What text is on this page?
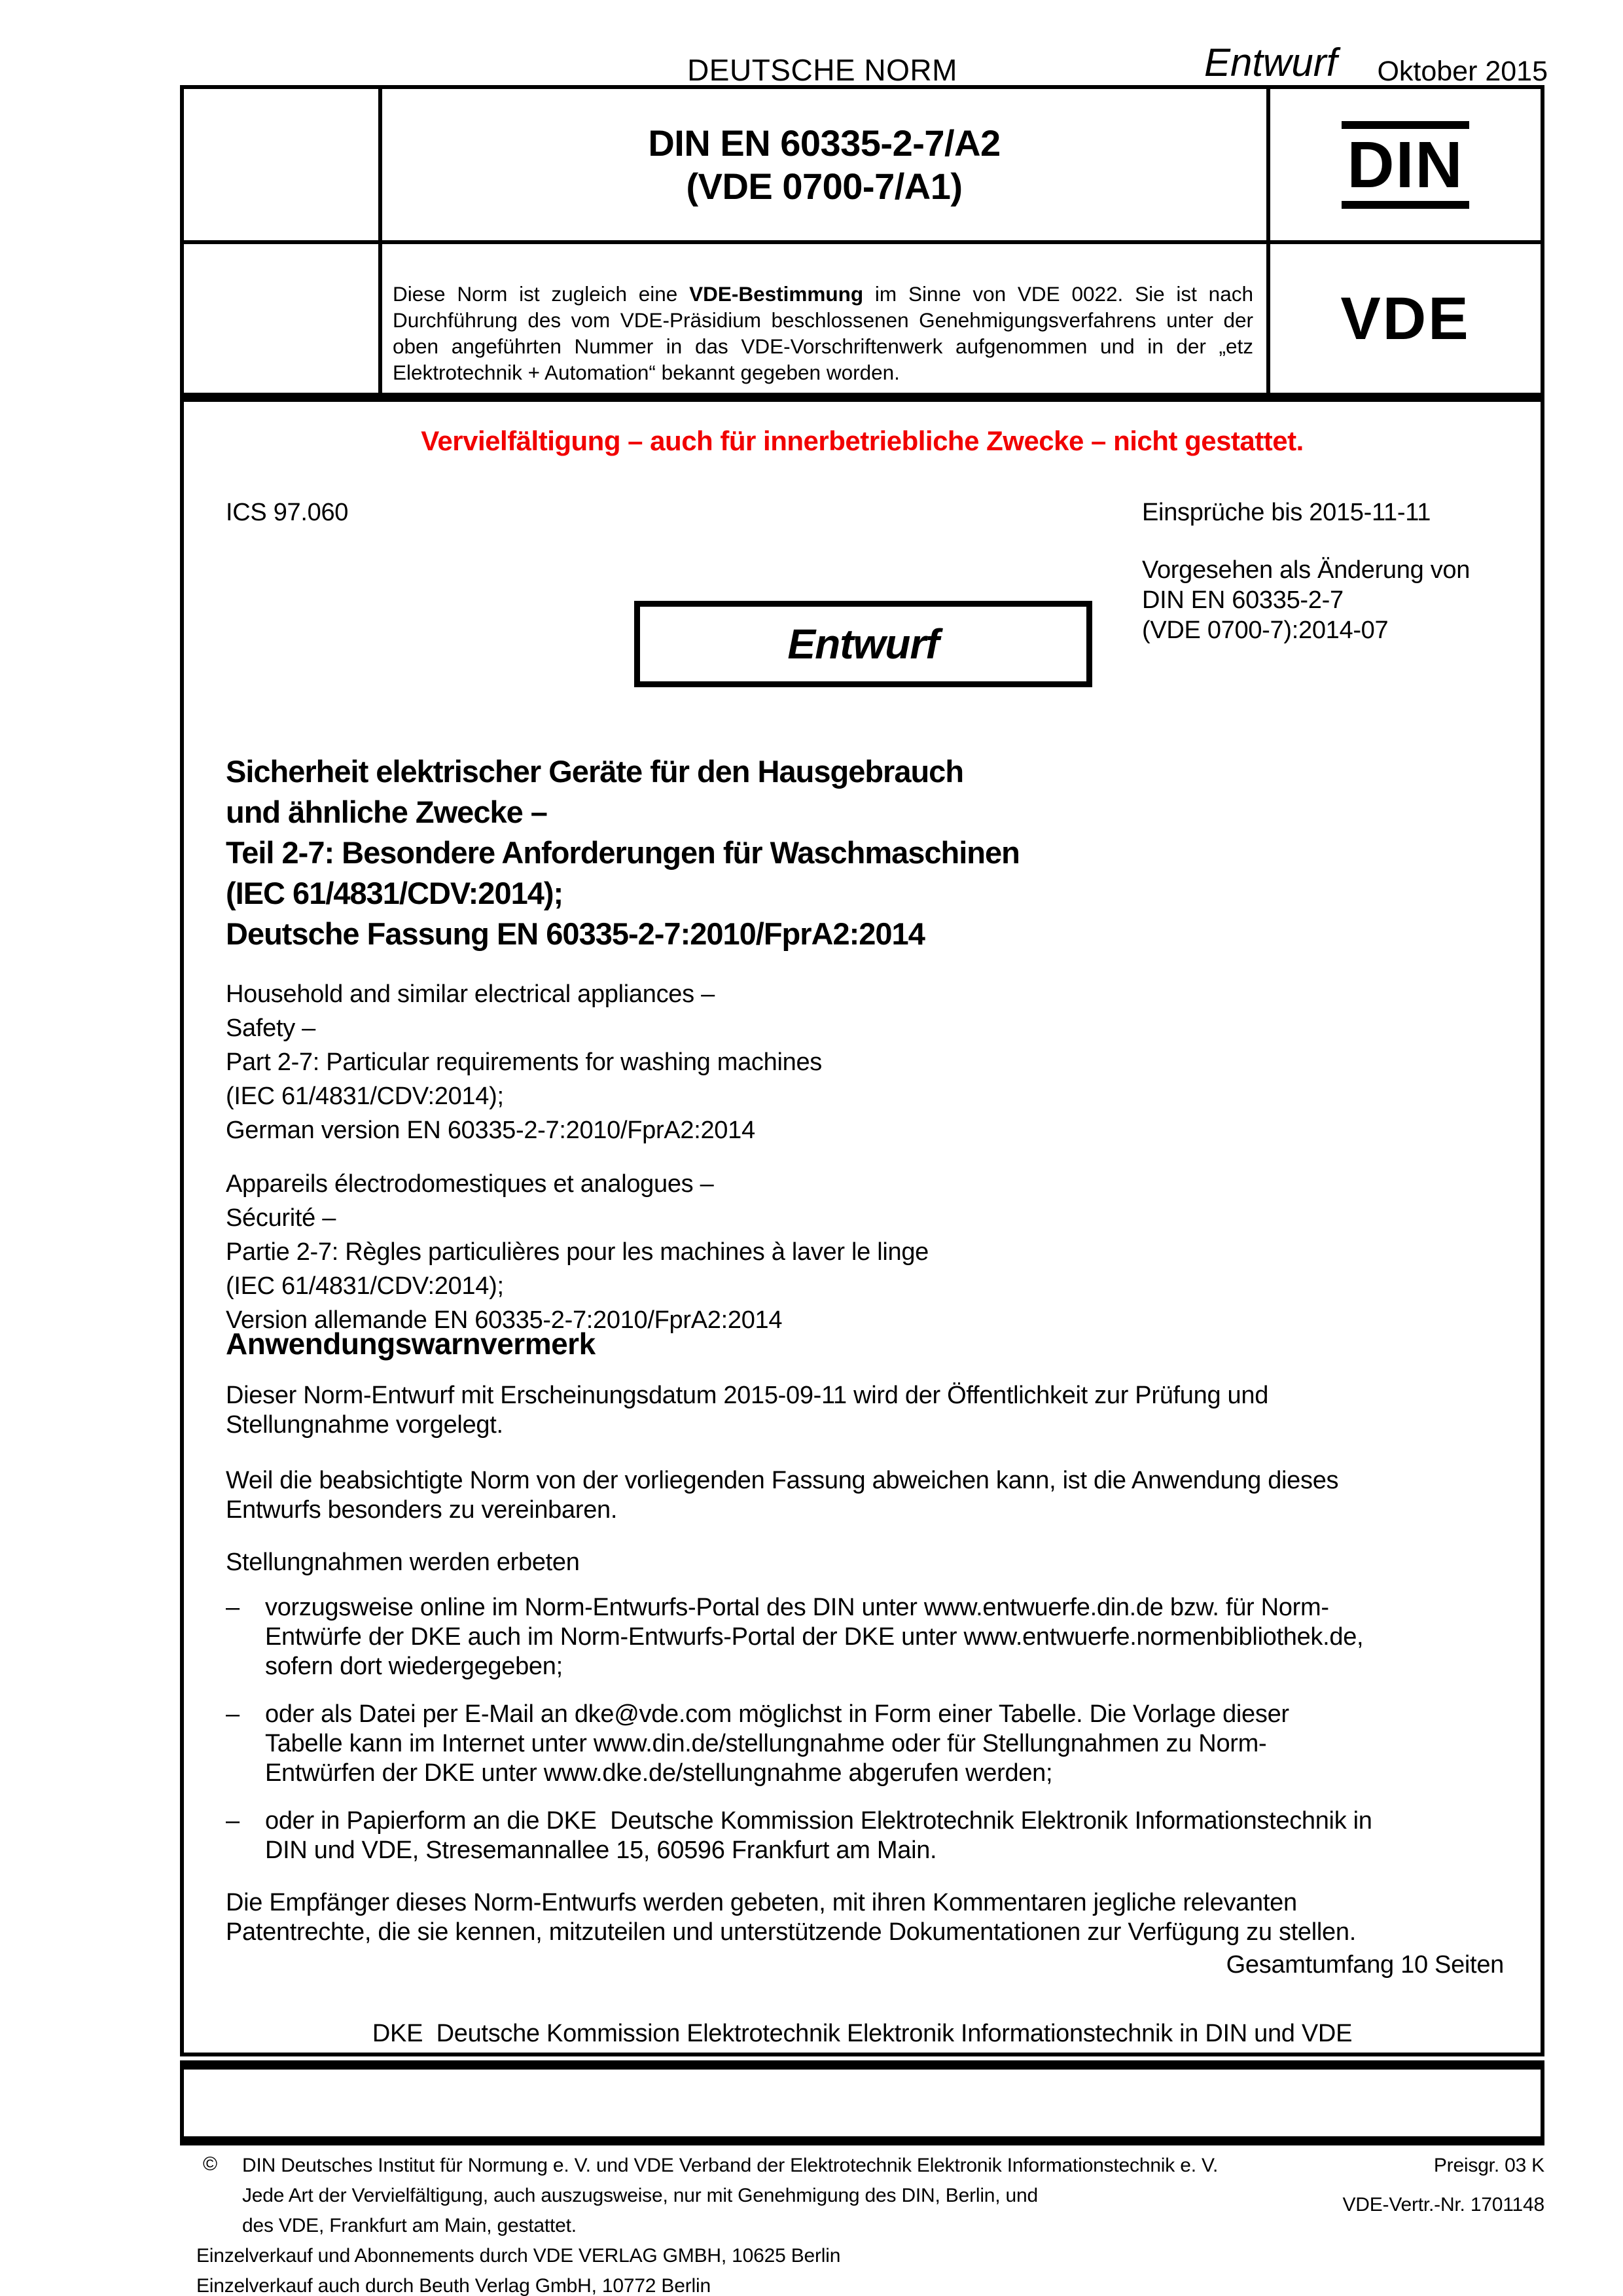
DEUTSCHE NORM	Entwurf Oktober 2015
DIN EN 60335-2-7/A2
(VDE 0700-7/A1)	DIN
Diese Norm ist zugleich eine VDE-Bestimmung im Sinne von VDE 0022. Sie ist nach Durchführung des vom VDE-Präsidium beschlossenen Genehmigungsverfahrens unter der oben angeführten Nummer in das VDE-Vorschriftenwerk aufgenommen und in der „etz Elektrotechnik + Automation“ bekannt gegeben worden.
VDE
Vervielfältigung – auch für innerbetriebliche Zwecke – nicht gestattet.
ICS 97.060	Einsprüche bis 2015-11-11
Vorgesehen als Änderung von
DIN EN 60335-2-7
(VDE 0700-7):2014-07
Entwurf
Sicherheit elektrischer Geräte für den Hausgebrauch
und ähnliche Zwecke –
Teil 2-7: Besondere Anforderungen für Waschmaschinen
(IEC 61/4831/CDV:2014);
Deutsche Fassung EN 60335-2-7:2010/FprA2:2014
Household and similar electrical appliances –
Safety –
Part 2-7: Particular requirements for washing machines
(IEC 61/4831/CDV:2014);
German version EN 60335-2-7:2010/FprA2:2014
Appareils électrodomestiques et analogues –
Sécurité –
Partie 2-7: Règles particulières pour les machines à laver le linge
(IEC 61/4831/CDV:2014);
Version allemande EN 60335-2-7:2010/FprA2:2014
Anwendungswarnvermerk
Dieser Norm-Entwurf mit Erscheinungsdatum 2015-09-11 wird der Öffentlichkeit zur Prüfung und
Stellungnahme vorgelegt.
Weil die beabsichtigte Norm von der vorliegenden Fassung abweichen kann, ist die Anwendung dieses
Entwurfs besonders zu vereinbaren.
Stellungnahmen werden erbeten
– vorzugsweise online im Norm-Entwurfs-Portal des DIN unter www.entwuerfe.din.de bzw. für Norm-
Entwürfe der DKE auch im Norm-Entwurfs-Portal der DKE unter www.entwuerfe.normenbibliothek.de,
sofern dort wiedergegeben;
– oder als Datei per E-Mail an dke@vde.com möglichst in Form einer Tabelle. Die Vorlage dieser
Tabelle kann im Internet unter www.din.de/stellungnahme oder für Stellungnahmen zu Norm-
Entwürfen der DKE unter www.dke.de/stellungnahme abgerufen werden;
– oder in Papierform an die DKE  Deutsche Kommission Elektrotechnik Elektronik Informationstechnik in
DIN und VDE, Stresemannallee 15, 60596 Frankfurt am Main.
Die Empfänger dieses Norm-Entwurfs werden gebeten, mit ihren Kommentaren jegliche relevanten
Patentrechte, die sie kennen, mitzuteilen und unterstützende Dokumentationen zur Verfügung zu stellen.
Gesamtumfang 10 Seiten
DKE  Deutsche Kommission Elektrotechnik Elektronik Informationstechnik in DIN und VDE
© DIN Deutsches Institut für Normung e. V. und VDE Verband der Elektrotechnik Elektronik Informationstechnik e. V.
Jede Art der Vervielfältigung, auch auszugsweise, nur mit Genehmigung des DIN, Berlin, und
des VDE, Frankfurt am Main, gestattet.
Preisgr. 03 K
VDE-Vertr.-Nr. 1701148
Einzelverkauf und Abonnements durch VDE VERLAG GMBH, 10625 Berlin
Einzelverkauf auch durch Beuth Verlag GmbH, 10772 Berlin
